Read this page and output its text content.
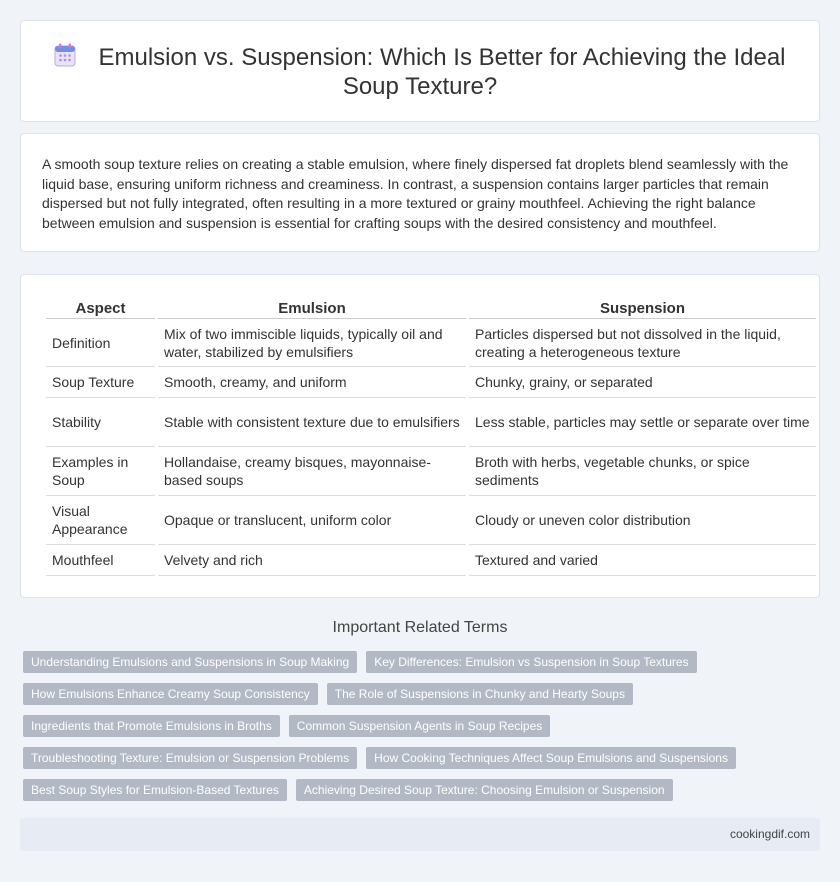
Emulsion vs. Suspension: Which Is Better for Achieving the Ideal Soup Texture?

A smooth soup texture relies on creating a stable emulsion, where finely dispersed fat droplets blend seamlessly with the liquid base, ensuring uniform richness and creaminess. In contrast, a suspension contains larger particles that remain dispersed but not fully integrated, often resulting in a more textured or grainy mouthfeel. Achieving the right balance between emulsion and suspension is essential for crafting soups with the desired consistency and mouthfeel.

Aspect	Emulsion	Suspension
Definition	Mix of two immiscible liquids, typically oil and water, stabilized by emulsifiers	Particles dispersed but not dissolved in the liquid, creating a heterogeneous texture
Soup Texture	Smooth, creamy, and uniform	Chunky, grainy, or separated
Stability	Stable with consistent texture due to emulsifiers	Less stable, particles may settle or separate over time
Examples in Soup	Hollandaise, creamy bisques, mayonnaise-based soups	Broth with herbs, vegetable chunks, or spice sediments
Visual Appearance	Opaque or translucent, uniform color	Cloudy or uneven color distribution
Mouthfeel	Velvety and rich	Textured and varied
Important Related Terms
Understanding Emulsions and Suspensions in Soup Making	Key Differences: Emulsion vs Suspension in Soup Textures
How Emulsions Enhance Creamy Soup Consistency	The Role of Suspensions in Chunky and Hearty Soups
Ingredients that Promote Emulsions in Broths	Common Suspension Agents in Soup Recipes
Troubleshooting Texture: Emulsion or Suspension Problems	How Cooking Techniques Affect Soup Emulsions and Suspensions
Best Soup Styles for Emulsion-Based Textures	Achieving Desired Soup Texture: Choosing Emulsion or Suspension
cookingdif.com
